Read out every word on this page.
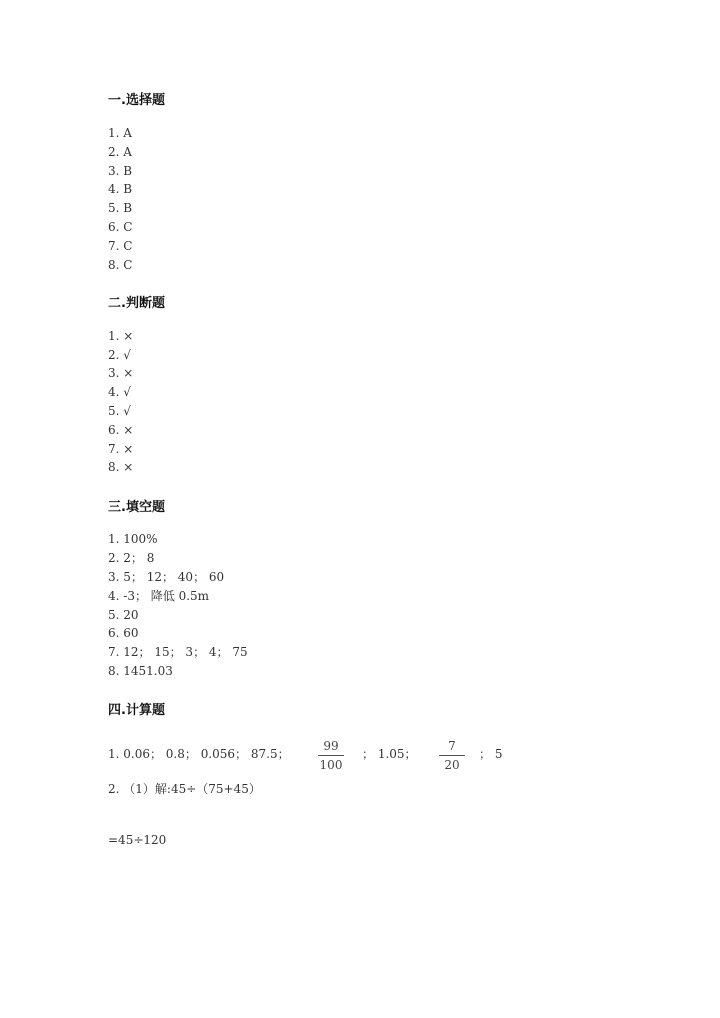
一.选择题
1. A
2. A
3. B
4. B
5. B
6. C
7. C
8. C
二.判断题
1. ×
2. √
3. ×
4. √
5. √
6. ×
7. ×
8. ×
三.填空题
1. 100%
2. 2； 8
3. 5； 12； 40； 60
4. -3； 降低 0.5m
5. 20
6. 60
7. 12； 15； 3； 4； 75
8. 1451.03
四.计算题
1. 0.06； 0.8； 0.056； 87.5；
99
100
； 1.05；
7
20
； 5
2. （1）解:45÷（75+45）
=45÷120
